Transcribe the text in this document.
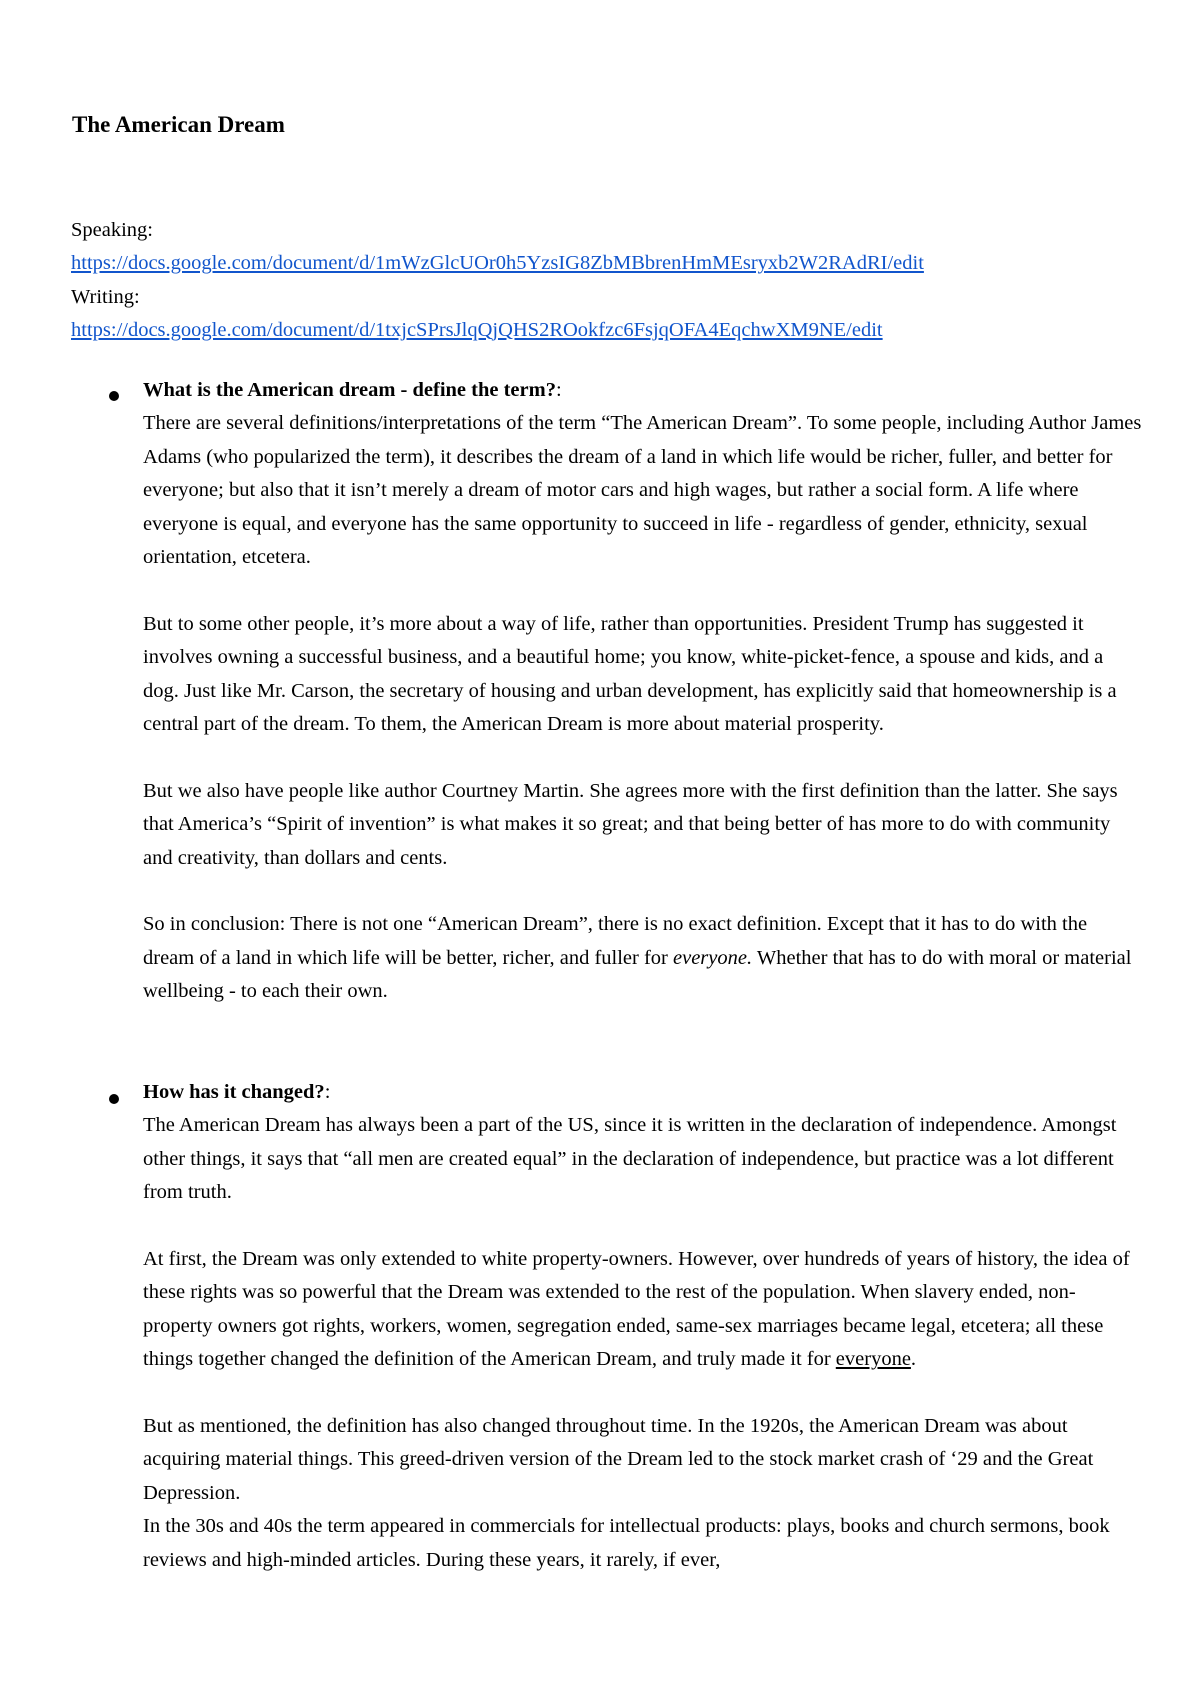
The American Dream
Speaking:
https://docs.google.com/document/d/1mWzGlcUOr0h5YzsIG8ZbMBbrenHmMEsryxb2W2RAdRI/edit
Writing:
https://docs.google.com/document/d/1txjcSPrsJlqQjQHS2ROokfzc6FsjqOFA4EqchwXM9NE/edit

What is the American dream - define the term?:

There are several definitions/interpretations of the term “The American Dream”. To some people, including Author James Adams (who popularized the term), it describes the dream of a land in which life would be richer, fuller, and better for everyone; but also that it isn’t merely a dream of motor cars and high wages, but rather a social form. A life where everyone is equal, and everyone has the same opportunity to succeed in life - regardless of gender, ethnicity, sexual orientation, etcetera.

But to some other people, it’s more about a way of life, rather than opportunities. President Trump has suggested it involves owning a successful business, and a beautiful home; you know, white-picket-fence, a spouse and kids, and a dog. Just like Mr. Carson, the secretary of housing and urban development, has explicitly said that homeownership is a central part of the dream. To them, the American Dream is more about material prosperity.

But we also have people like author Courtney Martin. She agrees more with the first definition than the latter. She says that America’s “Spirit of invention” is what makes it so great; and that being better of has more to do with community and creativity, than dollars and cents.

So in conclusion: There is not one “American Dream”, there is no exact definition. Except that it has to do with the dream of a land in which life will be better, richer, and fuller for everyone. Whether that has to do with moral or material wellbeing - to each their own.

How has it changed?:

The American Dream has always been a part of the US, since it is written in the declaration of independence. Amongst other things, it says that “all men are created equal” in the declaration of independence, but practice was a lot different from truth.

At first, the Dream was only extended to white property-owners. However, over hundreds of years of history, the idea of these rights was so powerful that the Dream was extended to the rest of the population. When slavery ended, non-property owners got rights, workers, women, segregation ended, same-sex marriages became legal, etcetera; all these things together changed the definition of the American Dream, and truly made it for everyone.

But as mentioned, the definition has also changed throughout time. In the 1920s, the American Dream was about acquiring material things. This greed-driven version of the Dream led to the stock market crash of ‘29 and the Great Depression.

In the 30s and 40s the term appeared in commercials for intellectual products: plays, books and church sermons, book reviews and high-minded articles. During these years, it rarely, if ever,
